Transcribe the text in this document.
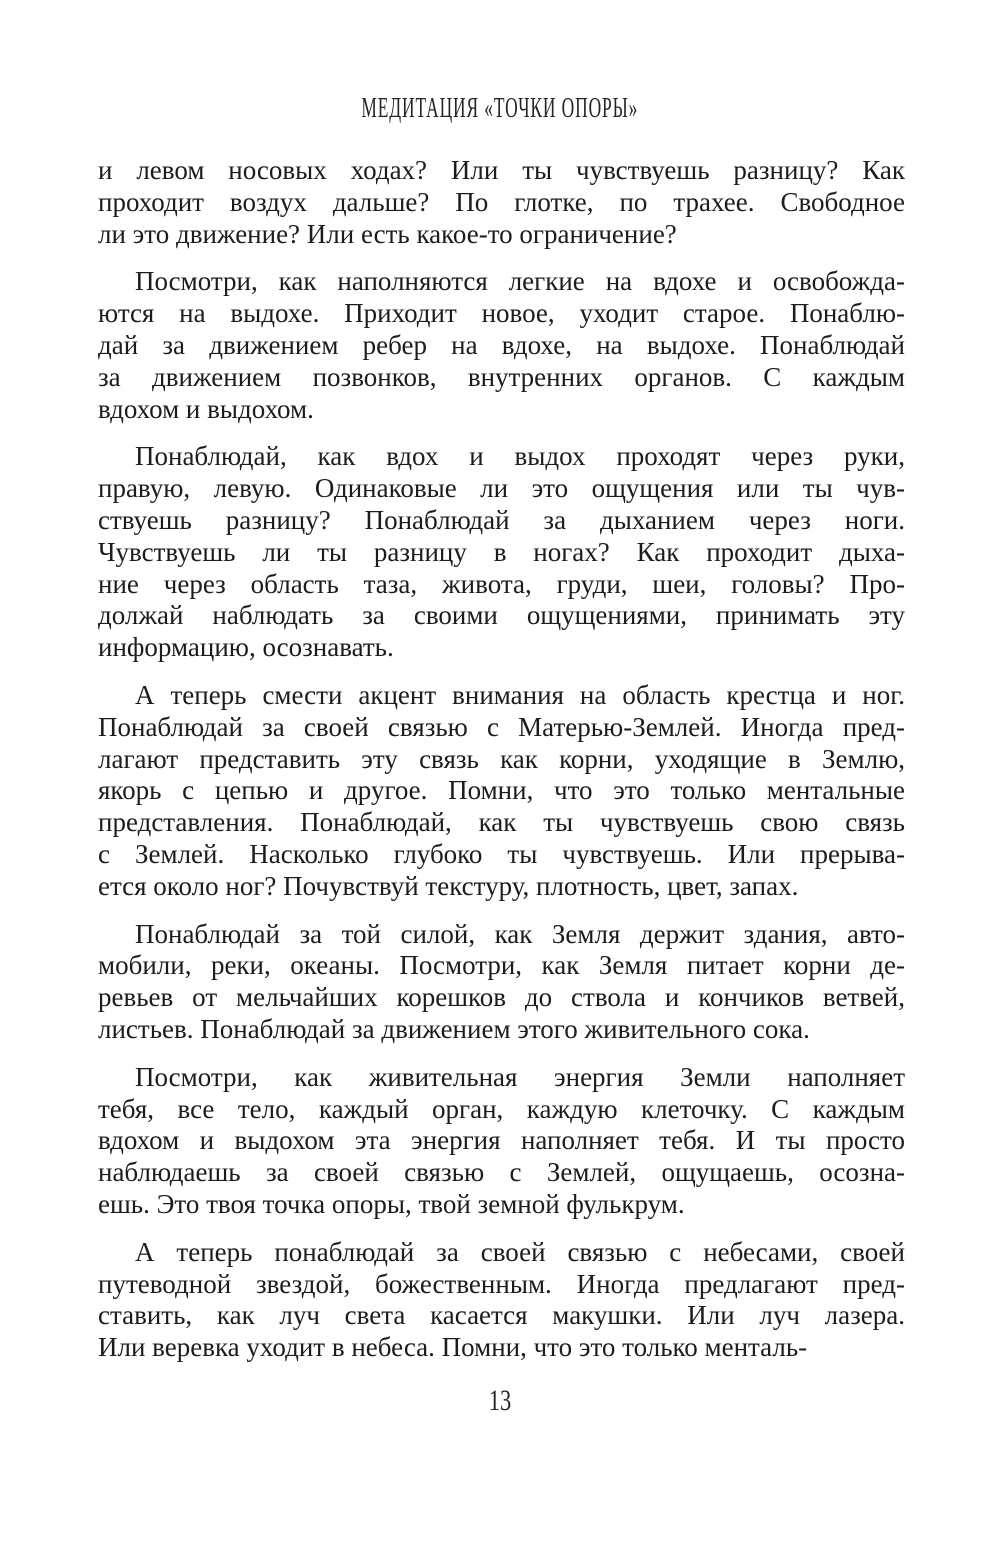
МЕДИТАЦИЯ «ТОЧКИ ОПОРЫ»
и левом носовых ходах? Или ты чувствуешь разницу? Как
проходит воздух дальше? По глотке, по трахее. Свободное
ли это движение? Или есть какое-то ограничение?
Посмотри, как наполняются легкие на вдохе и освобожда-
ются на выдохе. Приходит новое, уходит старое. Понаблю-
дай за движением ребер на вдохе, на выдохе. Понаблюдай
за движением позвонков, внутренних органов. С каждым
вдохом и выдохом.
Понаблюдай, как вдох и выдох проходят через руки,
правую, левую. Одинаковые ли это ощущения или ты чув-
ствуешь разницу? Понаблюдай за дыханием через ноги.
Чувствуешь ли ты разницу в ногах? Как проходит дыха-
ние через область таза, живота, груди, шеи, головы? Про-
должай наблюдать за своими ощущениями, принимать эту
информацию, осознавать.
А теперь смести акцент внимания на область крестца и ног.
Понаблюдай за своей связью с Матерью-Землей. Иногда пред-
лагают представить эту связь как корни, уходящие в Землю,
якорь с цепью и другое. Помни, что это только ментальные
представления. Понаблюдай, как ты чувствуешь свою связь
с Землей. Насколько глубоко ты чувствуешь. Или прерыва-
ется около ног? Почувствуй текстуру, плотность, цвет, запах.
Понаблюдай за той силой, как Земля держит здания, авто-
мобили, реки, океаны. Посмотри, как Земля питает корни де-
ревьев от мельчайших корешков до ствола и кончиков ветвей,
листьев. Понаблюдай за движением этого живительного сока.
Посмотри, как живительная энергия Земли наполняет
тебя, все тело, каждый орган, каждую клеточку. С каждым
вдохом и выдохом эта энергия наполняет тебя. И ты просто
наблюдаешь за своей связью с Землей, ощущаешь, осозна-
ешь. Это твоя точка опоры, твой земной фулькрум.
А теперь понаблюдай за своей связью с небесами, своей
путеводной звездой, божественным. Иногда предлагают пред-
ставить, как луч света касается макушки. Или луч лазера.
Или веревка уходит в небеса. Помни, что это только менталь-
13
